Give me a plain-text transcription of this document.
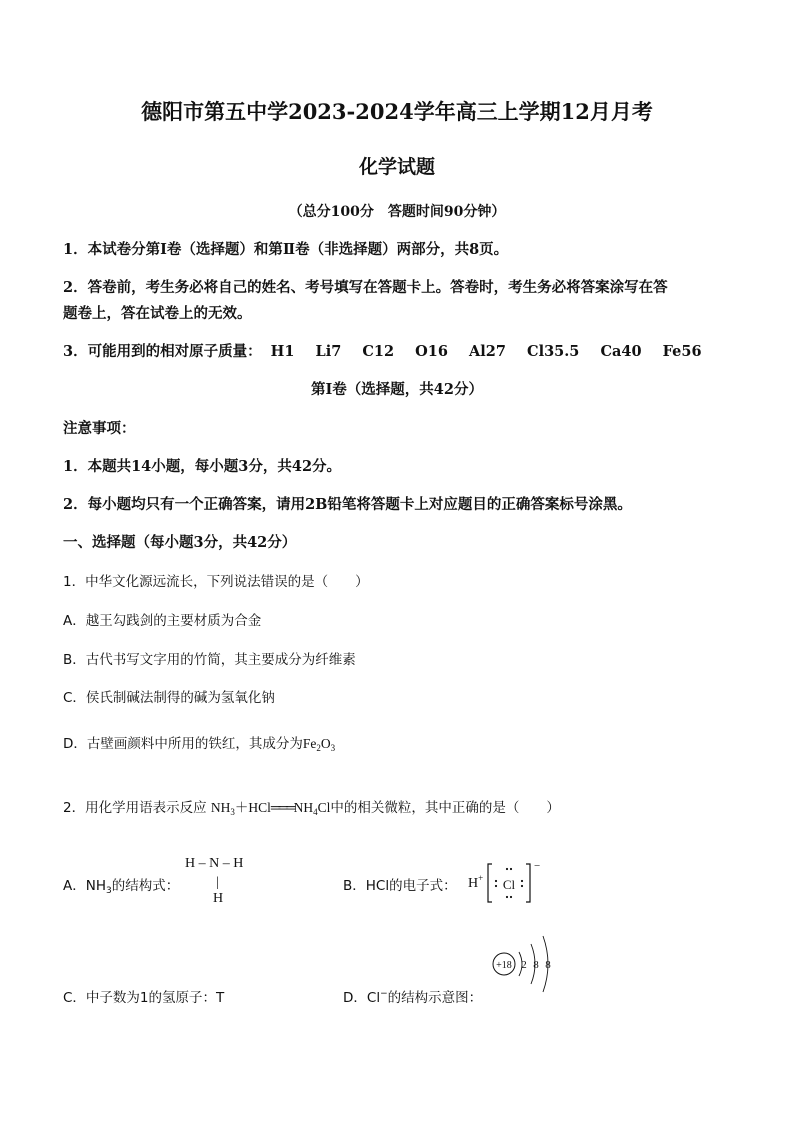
德阳市第五中学2023-2024学年高三上学期12月月考
化学试题
（总分100分　答题时间90分钟）
1．本试卷分第Ⅰ卷（选择题）和第Ⅱ卷（非选择题）两部分，共8页。
2．答卷前，考生务必将自己的姓名、考号填写在答题卡上。答卷时，考生务必将答案涂写在答
题卷上，答在试卷上的无效。
3．可能用到的相对原子质量： H1 Li7 C12 O16 Al27 Cl35.5 Ca40 Fe56
第Ⅰ卷（选择题，共42分）
注意事项：
1．本题共14小题，每小题3分，共42分。
2．每小题均只有一个正确答案，请用2B铅笔将答题卡上对应题目的正确答案标号涂黑。
一、选择题（每小题3分，共42分）
1．中华文化源远流长，下列说法错误的是（　　）
A．越王勾践剑的主要材质为合金
B．古代书写文字用的竹简，其主要成分为纤维素
C．侯氏制碱法制得的碱为氢氧化钠
D．古壁画颜料中所用的铁红，其成分为$Fe_2O_3$
2．用化学用语表示反应 $NH_3+HCl═══NH_4Cl$中的相关微粒，其中正确的是（　　）
A．$NH_3$的结构式：
H – N – H
|
H
B．HCl的电子式： H+ Cl
−
C．中子数为1的氢原子：T	D．Cl−的结构示意图：
+18 2 8 8
